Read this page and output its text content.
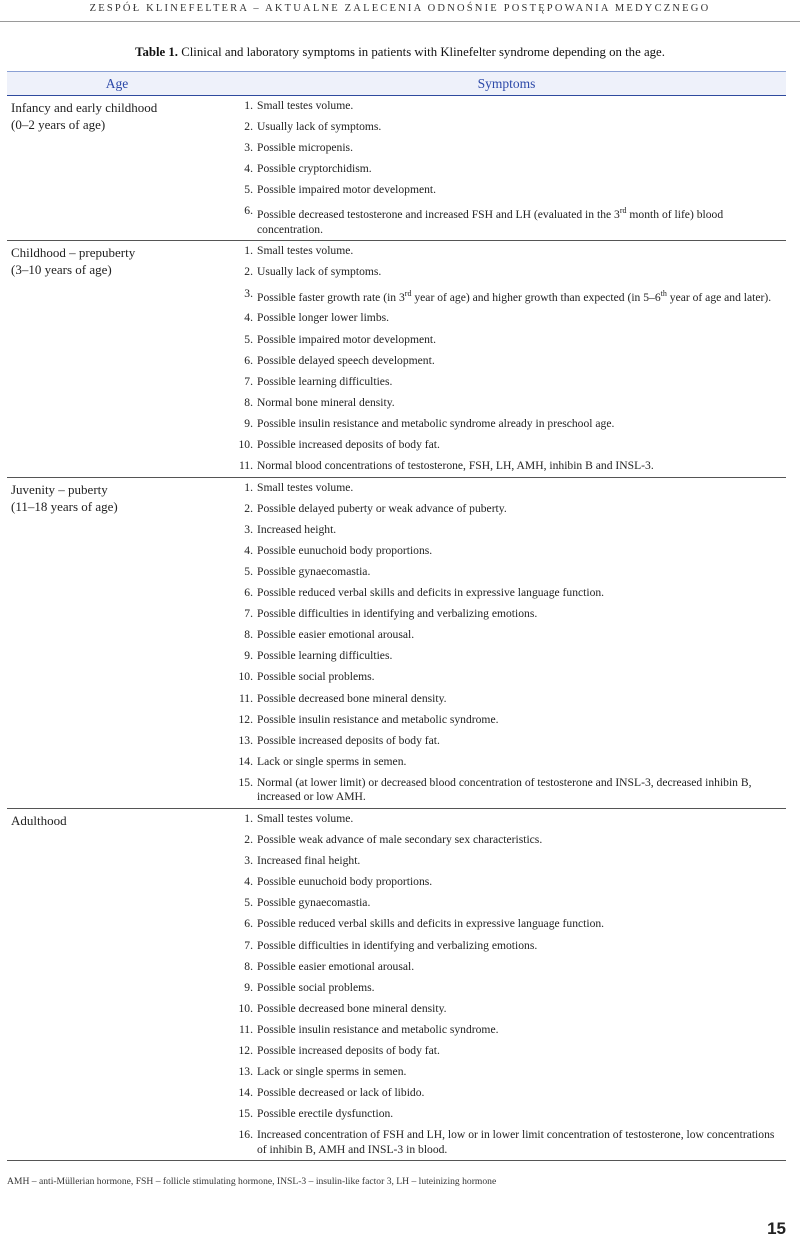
ZESPÓŁ KLINEFELTERA – AKTUALNE ZALECENIA ODNOŚNIE POSTĘPOWANIA MEDYCZNEGO
Table 1. Clinical and laboratory symptoms in patients with Klinefelter syndrome depending on the age.
Age	Symptoms
Infancy and early childhood
(0–2 years of age)
1. Small testes volume.
2. Usually lack of symptoms.
3. Possible micropenis.
4. Possible cryptorchidism.
5. Possible impaired motor development.
6. Possible decreased testosterone and increased FSH and LH (evaluated in the 3rd month of life) blood concentration.
Childhood – prepuberty
(3–10 years of age)
1. Small testes volume.
2. Usually lack of symptoms.
3. Possible faster growth rate (in 3rd year of age) and higher growth than expected (in 5–6th year of age and later).
4. Possible longer lower limbs.
5. Possible impaired motor development.
6. Possible delayed speech development.
7. Possible learning difficulties.
8. Normal bone mineral density.
9. Possible insulin resistance and metabolic syndrome already in preschool age.
10. Possible increased deposits of body fat.
11. Normal blood concentrations of testosterone, FSH, LH, AMH, inhibin B and INSL-3.
Juvenity – puberty
(11–18 years of age)
1. Small testes volume.
2. Possible delayed puberty or weak advance of puberty.
3. Increased height.
4. Possible eunuchoid body proportions.
5. Possible gynaecomastia.
6. Possible reduced verbal skills and deficits in expressive language function.
7. Possible difficulties in identifying and verbalizing emotions.
8. Possible easier emotional arousal.
9. Possible learning difficulties.
10. Possible social problems.
11. Possible decreased bone mineral density.
12. Possible insulin resistance and metabolic syndrome.
13. Possible increased deposits of body fat.
14. Lack or single sperms in semen.
15. Normal (at lower limit) or decreased blood concentration of testosterone and INSL-3, decreased inhibin B, increased or low AMH.
Adulthood	1. Small testes volume.
2. Possible weak advance of male secondary sex characteristics.
3. Increased final height.
4. Possible eunuchoid body proportions.
5. Possible gynaecomastia.
6. Possible reduced verbal skills and deficits in expressive language function.
7. Possible difficulties in identifying and verbalizing emotions.
8. Possible easier emotional arousal.
9. Possible social problems.
10. Possible decreased bone mineral density.
11. Possible insulin resistance and metabolic syndrome.
12. Possible increased deposits of body fat.
13. Lack or single sperms in semen.
14. Possible decreased or lack of libido.
15. Possible erectile dysfunction.
16. Increased concentration of FSH and LH, low or in lower limit concentration of testosterone, low concentrations of inhibin B, AMH and INSL-3 in blood.
AMH – anti-Müllerian hormone, FSH – follicle stimulating hormone, INSL-3 – insulin-like factor 3, LH – luteinizing hormone
15
